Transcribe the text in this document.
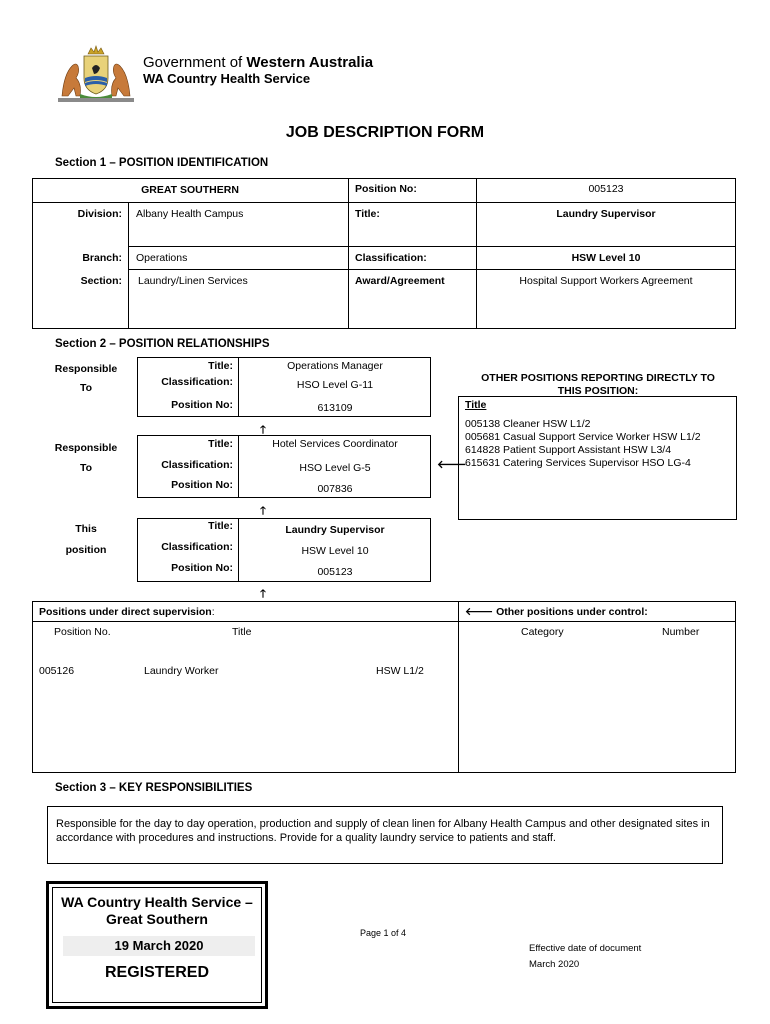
Government of Western Australia
WA Country Health Service
JOB DESCRIPTION FORM
Section 1 – POSITION IDENTIFICATION
GREAT SOUTHERN	Position No:	005123
Division: Albany Health Campus	Title:	Laundry Supervisor
Branch: Operations	Classification:	HSW Level 10
Section: Laundry/Linen Services	Award/Agreement	Hospital Support Workers Agreement
Section 2 – POSITION RELATIONSHIPS
Responsible
To
Responsible
To
This
position
Title:	Operations Manager
Classification:	HSO Level G-11
Position No:	613109
🡑
Title:	Hotel Services Coordinator
Classification:	HSO Level G-5
Position No:	007836
🡑
Title:	Laundry Supervisor
Classification:	HSW Level 10
Position No:	005123
🡑
🡐
OTHER POSITIONS REPORTING DIRECTLY TO
THIS POSITION:
Title
005138 Cleaner HSW L1/2
005681 Casual Support Service Worker HSW L1/2
614828 Patient Support Assistant HSW L3/4
615631 Catering Services Supervisor HSO LG-4
Positions under direct supervision:	🡐 Other positions under control:
Position No.	Title	Category	Number
005126	Laundry Worker	HSW L1/2
Section 3 – KEY RESPONSIBILITIES
Responsible for the day to day operation, production and supply of clean linen for Albany Health Campus and other designated sites in accordance with procedures and instructions. Provide for a quality laundry service to patients and staff.
WA Country Health Service –
Great Southern
19 March 2020
REGISTERED
Page 1 of 4
Effective date of document
March 2020
